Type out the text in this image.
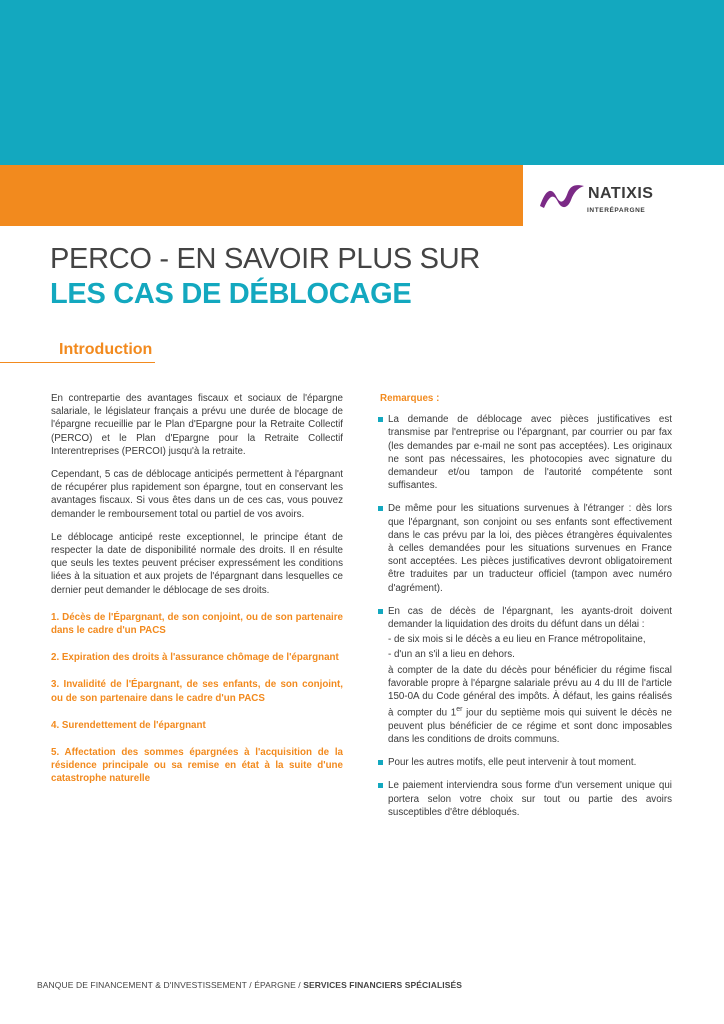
NATIXIS
INTERÉPARGNE
PERCO - EN SAVOIR PLUS SUR
LES CAS DE DÉBLOCAGE
Introduction

En contrepartie des avantages fiscaux et sociaux de l'épargne salariale, le législateur français a prévu une durée de blocage de l'épargne recueillie par le Plan d'Epargne pour la Retraite Collectif (PERCO) et le Plan d'Epargne pour la Retraite Collectif Interentreprises (PERCOI) jusqu'à la retraite.

Cependant, 5 cas de déblocage anticipés permettent à l'épargnant de récupérer plus rapidement son épargne, tout en conservant les avantages fiscaux. Si vous êtes dans un de ces cas, vous pouvez demander le remboursement total ou partiel de vos avoirs.

Le déblocage anticipé reste exceptionnel, le principe étant de respecter la date de disponibilité normale des droits. Il en résulte que seuls les textes peuvent préciser expressément les conditions liées à la situation et aux projets de l'épargnant dans lesquelles ce dernier peut demander le déblocage de ses droits.

1. Décès de l'Épargnant, de son conjoint, ou de son partenaire dans le cadre d'un PACS

2. Expiration des droits à l'assurance chômage de l'épargnant

3. Invalidité de l'Épargnant, de ses enfants, de son conjoint, ou de son partenaire dans le cadre d'un PACS

4. Surendettement de l'épargnant

5. Affectation des sommes épargnées à l'acquisition de la résidence principale ou sa remise en état à la suite d'une catastrophe naturelle

Remarques :
La demande de déblocage avec pièces justificatives est transmise par l'entreprise ou l'épargnant, par courrier ou par fax (les demandes par e-mail ne sont pas acceptées). Les originaux ne sont pas nécessaires, les photocopies avec signature du demandeur et/ou tampon de l'autorité compétente sont suffisantes.
De même pour les situations survenues à l'étranger : dès lors que l'épargnant, son conjoint ou ses enfants sont effectivement dans le cas prévu par la loi, des pièces étrangères équivalentes à celles demandées pour les situations survenues en France sont acceptées. Les pièces justificatives devront obligatoirement être traduites par un traducteur officiel (tampon avec numéro d'agrément).

En cas de décès de l'épargnant, les ayants-droit doivent demander la liquidation des droits du défunt dans un délai :

- de six mois si le décès a eu lieu en France métropolitaine,

- d'un an s'il a lieu en dehors.

à compter de la date du décès pour bénéficier du régime fiscal favorable propre à l'épargne salariale prévu au 4 du III de l'article 150-0A du Code général des impôts. À défaut, les gains réalisés à compter du 1er jour du septième mois qui suivent le décès ne peuvent plus bénéficier de ce régime et sont donc imposables dans les conditions de droits communs.

Pour les autres motifs, elle peut intervenir à tout moment.
Le paiement interviendra sous forme d'un versement unique qui portera selon votre choix sur tout ou partie des avoirs susceptibles d'être débloqués.
BANQUE DE FINANCEMENT & D'INVESTISSEMENT / ÉPARGNE / SERVICES FINANCIERS SPÉCIALISÉS
